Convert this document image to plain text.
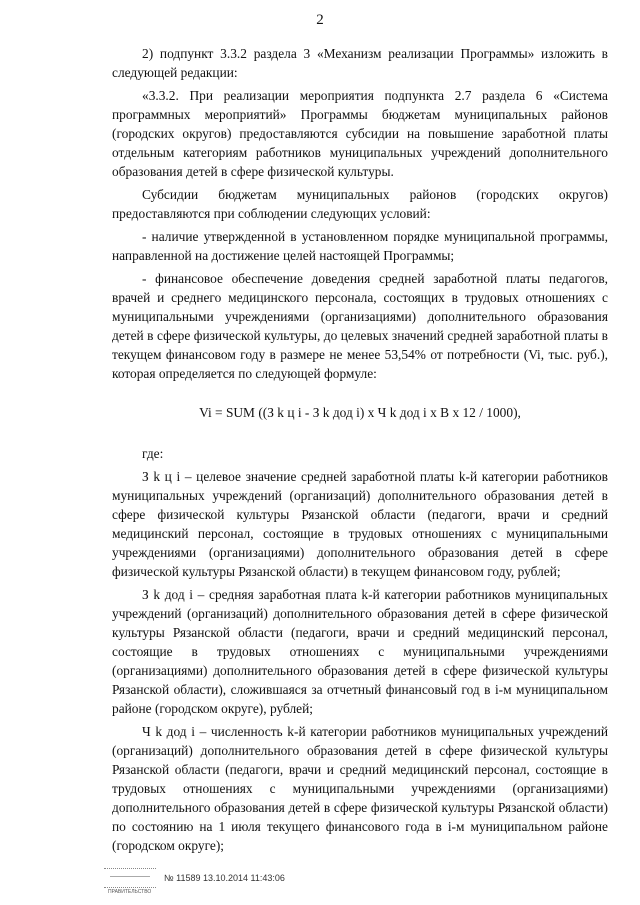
2

2) подпункт 3.3.2 раздела 3 «Механизм реализации Программы» изложить в следующей редакции:

«3.3.2. При реализации мероприятия подпункта 2.7 раздела 6 «Система программных мероприятий» Программы бюджетам муниципальных районов (городских округов) предоставляются субсидии на повышение заработной платы отдельным категориям работников муниципальных учреждений дополнительного образования детей в сфере физической культуры.

Субсидии бюджетам муниципальных районов (городских округов) предоставляются при соблюдении следующих условий:

- наличие утвержденной в установленном порядке муниципальной программы, направленной на достижение целей настоящей Программы;

- финансовое обеспечение доведения средней заработной платы педагогов, врачей и среднего медицинского персонала, состоящих в трудовых отношениях с муниципальными учреждениями (организациями) дополнительного образования детей в сфере физической культуры, до целевых значений средней заработной платы в текущем финансовом году в размере не менее 53,54% от потребности (Vi, тыс. руб.), которая определяется по следующей формуле:

Vi = SUM ((З k ц i - З k дод i) х Ч k дод i х В х 12 / 1000),

где:

З k ц i – целевое значение средней заработной платы k-й категории работников муниципальных учреждений (организаций) дополнительного образования детей в сфере физической культуры Рязанской области (педагоги, врачи и средний медицинский персонал, состоящие в трудовых отношениях с муниципальными учреждениями (организациями) дополнительного образования детей в сфере физической культуры Рязанской области) в текущем финансовом году, рублей;

З k дод i – средняя заработная плата k-й категории работников муниципальных учреждений (организаций) дополнительного образования детей в сфере физической культуры Рязанской области (педагоги, врачи и средний медицинский персонал, состоящие в трудовых отношениях с муниципальными учреждениями (организациями) дополнительного образования детей в сфере физической культуры Рязанской области), сложившаяся за отчетный финансовый год в i-м муниципальном районе (городском округе), рублей;

Ч k дод i – численность k-й категории работников муниципальных учреждений (организаций) дополнительного образования детей в сфере физической культуры Рязанской области (педагоги, врачи и средний медицинский персонал, состоящие в трудовых отношениях с муниципальными учреждениями (организациями) дополнительного образования детей в сфере физической культуры Рязанской области) по состоянию на 1 июля текущего финансового года в i-м муниципальном районе (городском округе);

ПРАВИТЕЛЬСТВО
№ 11589 13.10.2014 11:43:06
